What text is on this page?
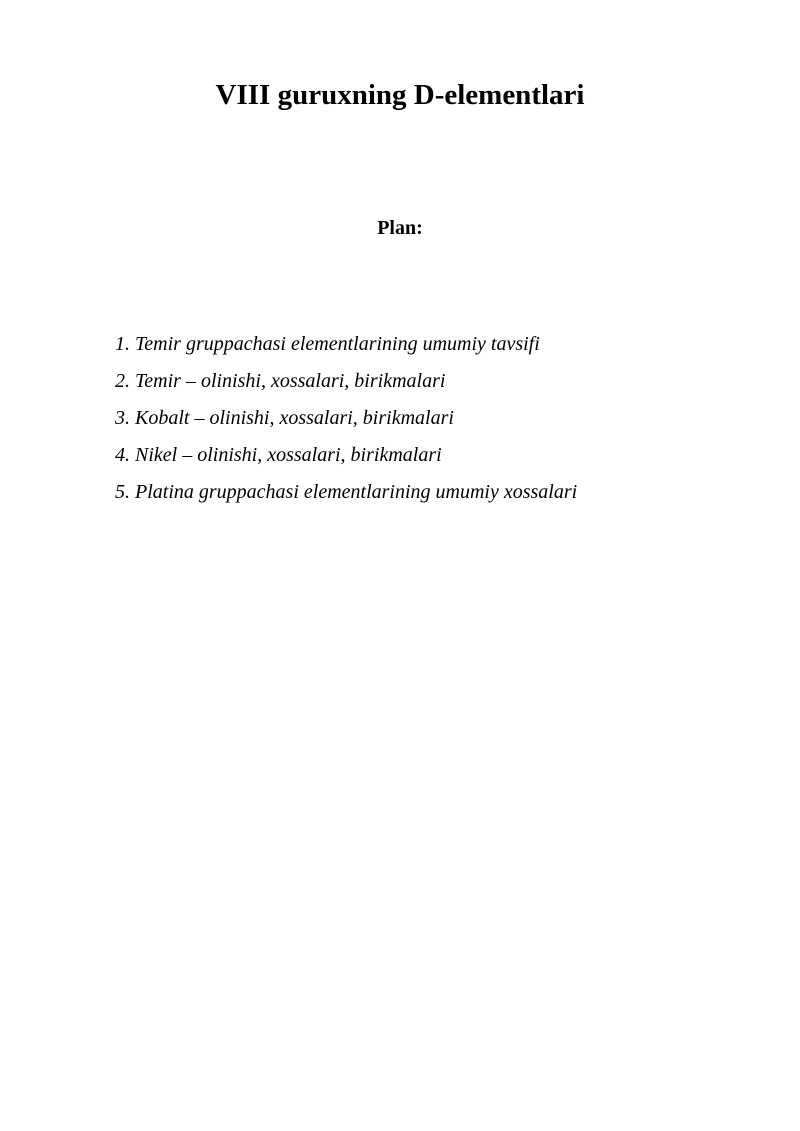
VIII guruxning D-elementlari
Plan:
1. Temir gruppachasi elementlarining umumiy tavsifi
2. Temir – olinishi, xossalari, birikmalari
3. Kobalt – olinishi, xossalari, birikmalari
4. Nikel – olinishi, xossalari, birikmalari
5. Platina gruppachasi elementlarining umumiy xossalari
